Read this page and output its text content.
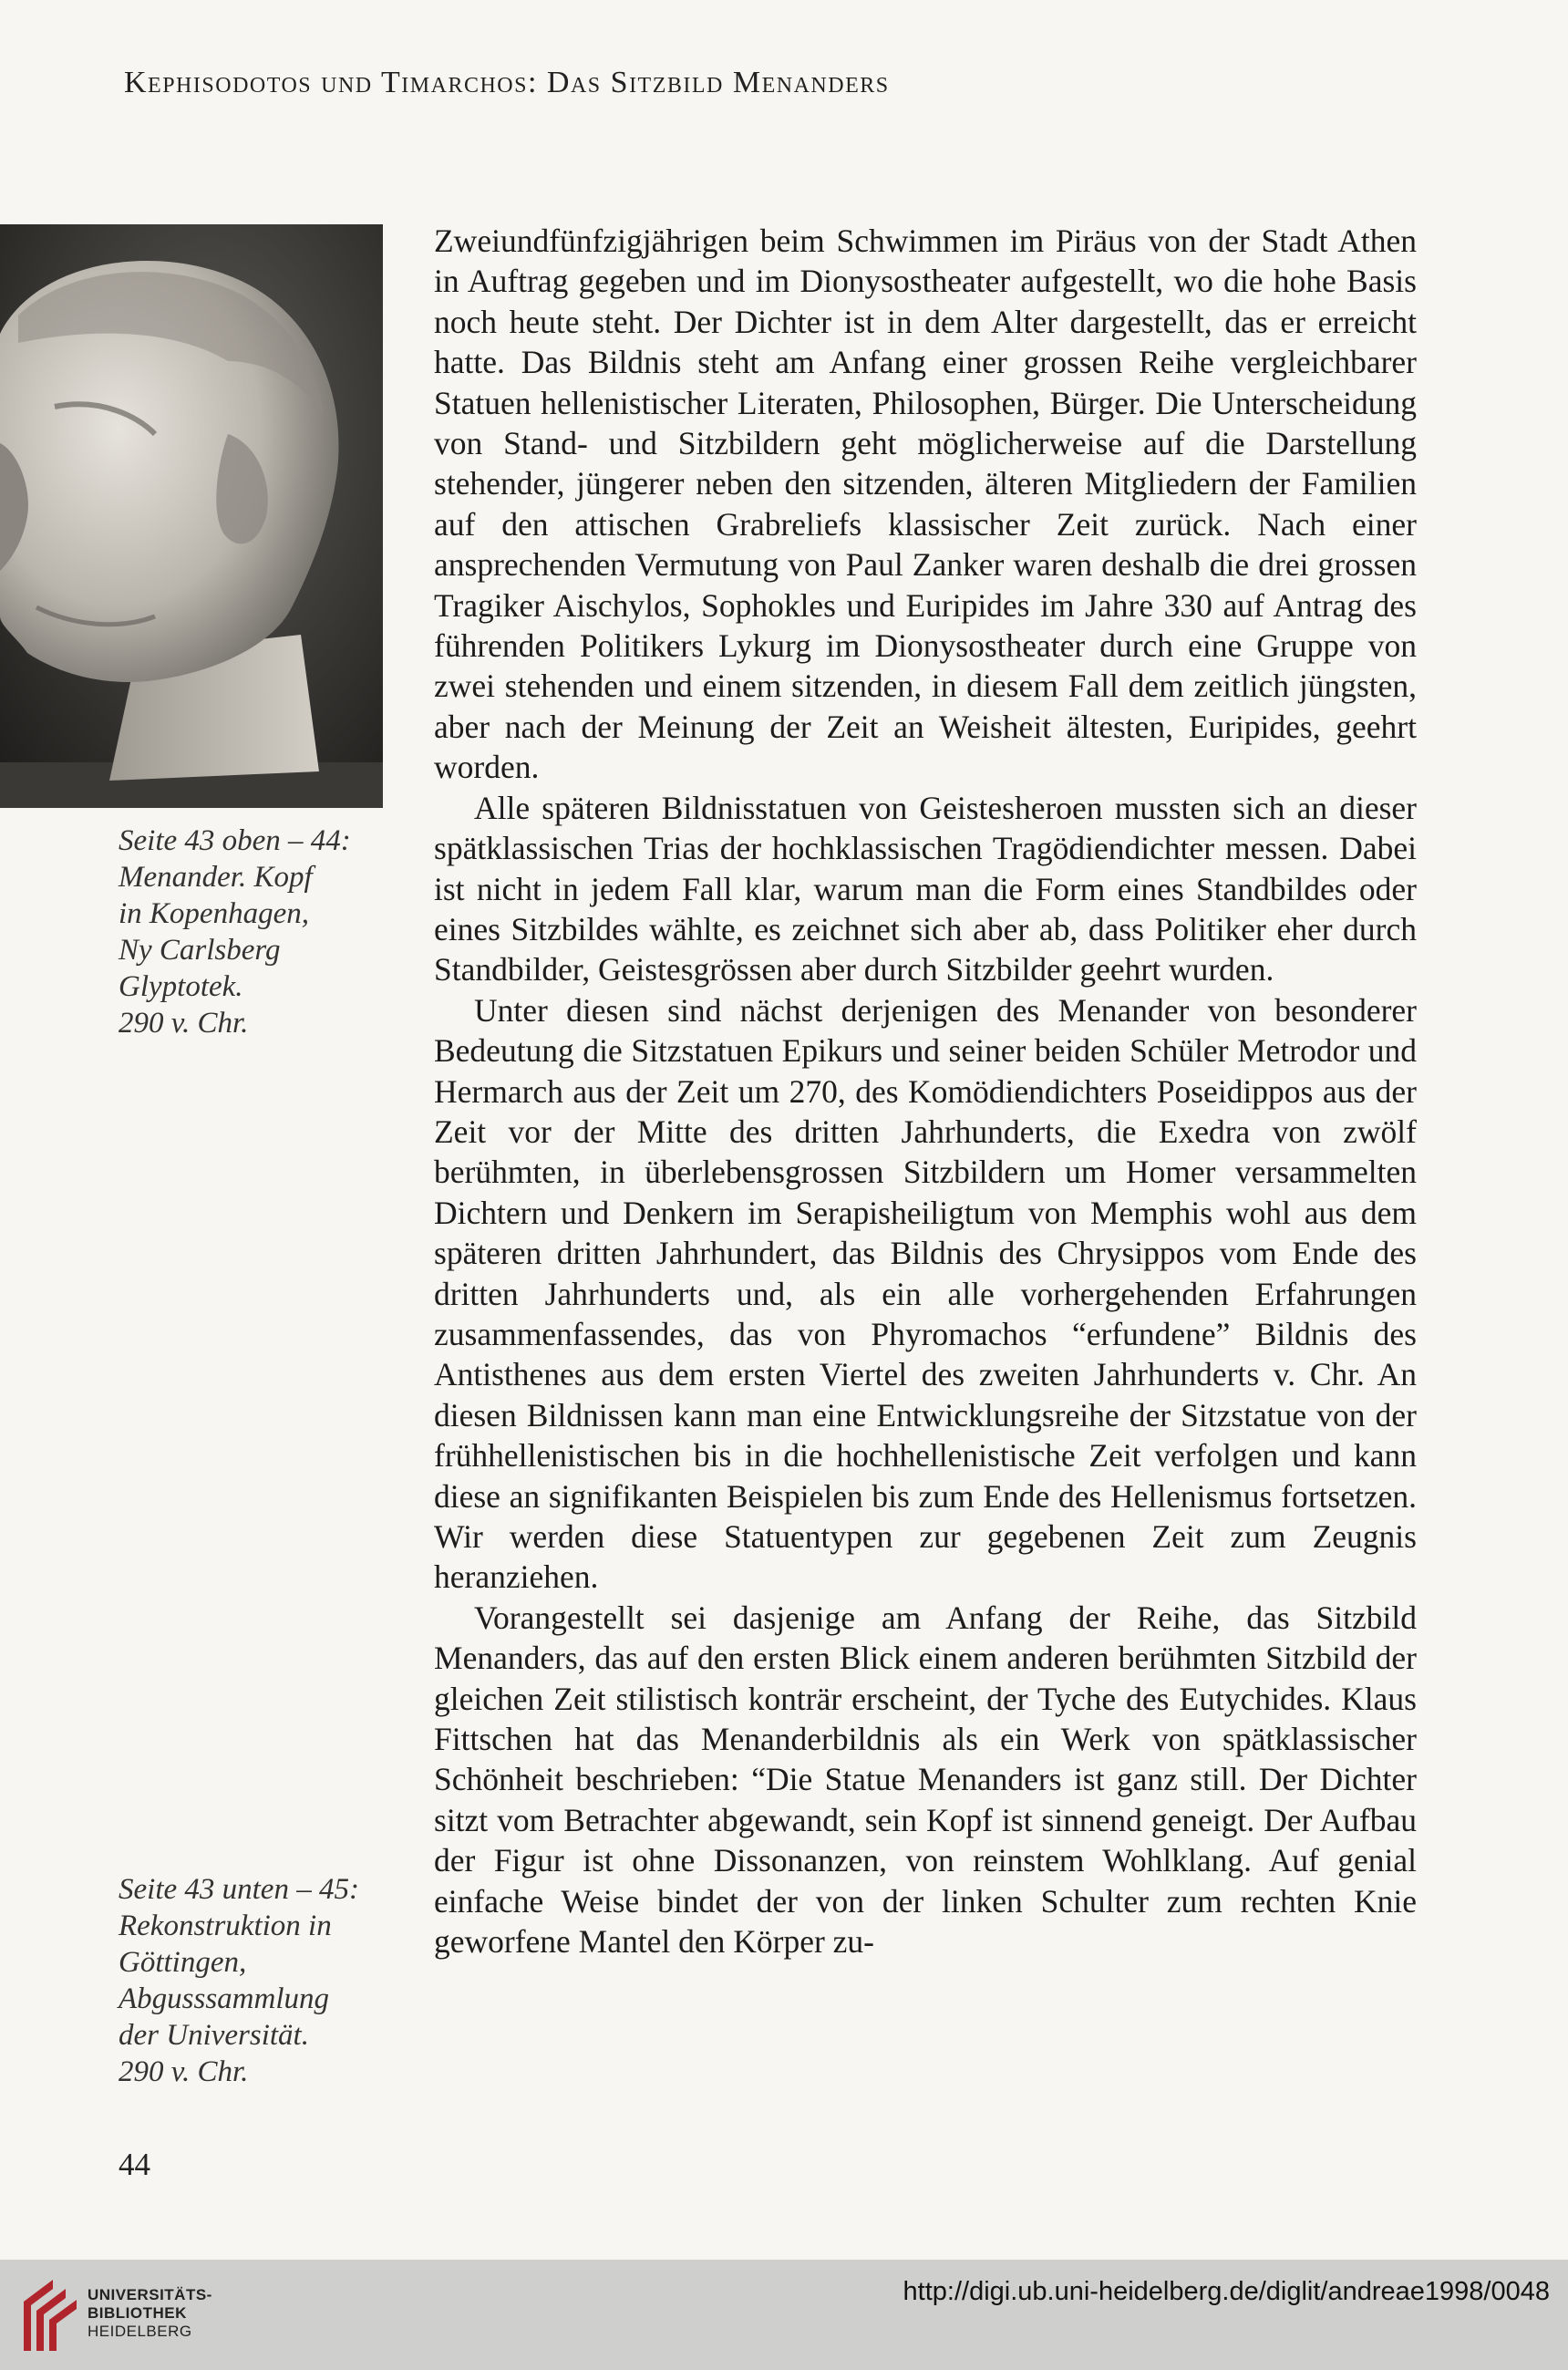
Kephisodotos und Timarchos: Das Sitzbild Menanders
Seite 43 oben – 44:
Menander. Kopf
in Kopenhagen,
Ny Carlsberg
Glyptotek.
290 v. Chr.
Seite 43 unten – 45:
Rekonstruktion in
Göttingen,
Abgusssammlung
der Universität.
290 v. Chr.

Zweiundfünfzigjährigen beim Schwimmen im Piräus von der Stadt Athen in Auftrag gegeben und im Dionysostheater aufgestellt, wo die hohe Basis noch heute steht. Der Dichter ist in dem Alter dargestellt, das er erreicht hatte. Das Bildnis steht am Anfang einer grossen Reihe vergleichbarer Statuen hellenistischer Literaten, Philosophen, Bürger. Die Unterscheidung von Stand- und Sitzbildern geht möglicherweise auf die Darstellung stehender, jüngerer neben den sitzenden, älteren Mitgliedern der Familien auf den attischen Grabreliefs klassischer Zeit zurück. Nach einer ansprechenden Vermutung von Paul Zanker waren deshalb die drei grossen Tragiker Aischylos, Sophokles und Euripides im Jahre 330 auf Antrag des führenden Politikers Lykurg im Dionysostheater durch eine Gruppe von zwei stehenden und einem sitzenden, in diesem Fall dem zeitlich jüngsten, aber nach der Meinung der Zeit an Weisheit ältesten, Euripides, geehrt worden.

Alle späteren Bildnisstatuen von Geistesheroen mussten sich an dieser spätklassischen Trias der hochklassischen Tragödiendichter messen. Dabei ist nicht in jedem Fall klar, warum man die Form eines Standbildes oder eines Sitzbildes wählte, es zeichnet sich aber ab, dass Politiker eher durch Standbilder, Geistesgrössen aber durch Sitzbilder geehrt wurden.

Unter diesen sind nächst derjenigen des Menander von besonderer Bedeutung die Sitzstatuen Epikurs und seiner beiden Schüler Metrodor und Hermarch aus der Zeit um 270, des Komödiendichters Poseidippos aus der Zeit vor der Mitte des dritten Jahrhunderts, die Exedra von zwölf berühmten, in überlebensgrossen Sitzbildern um Homer versammelten Dichtern und Denkern im Serapisheiligtum von Memphis wohl aus dem späteren dritten Jahrhundert, das Bildnis des Chrysippos vom Ende des dritten Jahrhunderts und, als ein alle vorhergehenden Erfahrungen zusammenfassendes, das von Phyromachos “erfundene” Bildnis des Antisthenes aus dem ersten Viertel des zweiten Jahrhunderts v. Chr. An diesen Bildnissen kann man eine Entwicklungsreihe der Sitzstatue von der frühhellenistischen bis in die hochhellenistische Zeit verfolgen und kann diese an signifikanten Beispielen bis zum Ende des Hellenismus fortsetzen. Wir werden diese Statuentypen zur gegebenen Zeit zum Zeugnis heranziehen.

Vorangestellt sei dasjenige am Anfang der Reihe, das Sitzbild Menanders, das auf den ersten Blick einem anderen berühmten Sitzbild der gleichen Zeit stilistisch konträr erscheint, der Tyche des Eutychides. Klaus Fittschen hat das Menanderbildnis als ein Werk von spätklassischer Schönheit beschrieben: “Die Statue Menanders ist ganz still. Der Dichter sitzt vom Betrachter abgewandt, sein Kopf ist sinnend geneigt. Der Aufbau der Figur ist ohne Dissonanzen, von reinstem Wohlklang. Auf genial einfache Weise bindet der von der linken Schulter zum rechten Knie geworfene Mantel den Körper zu-

44
UNIVERSITÄTS-
BIBLIOTHEK
HEIDELBERG
http://digi.ub.uni-heidelberg.de/diglit/andreae1998/0048
